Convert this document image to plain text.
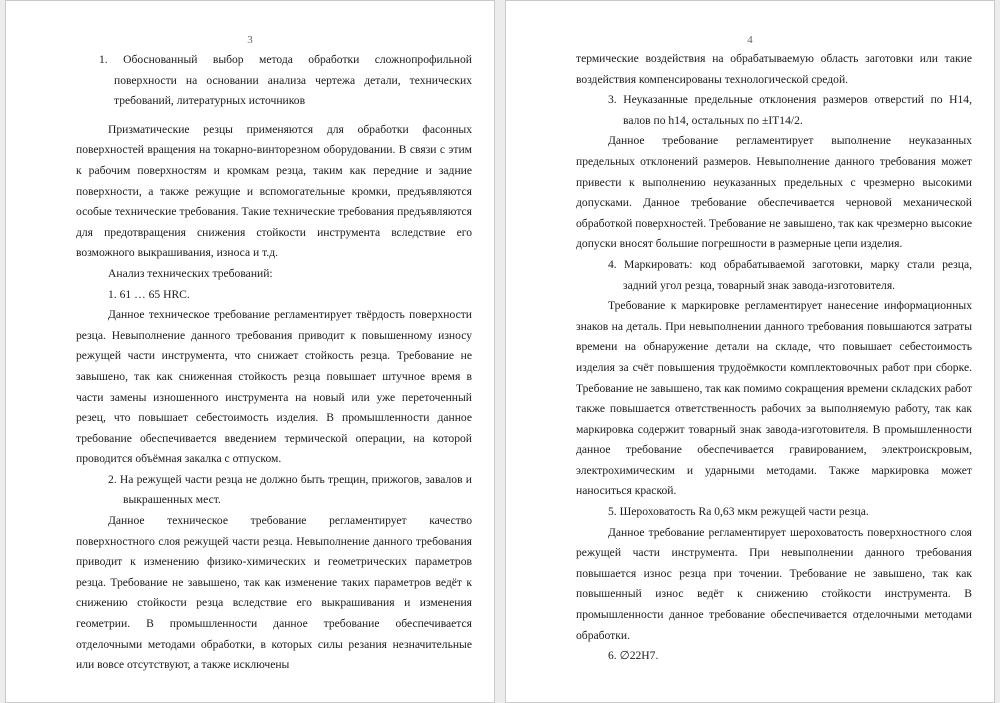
3

1. Обоснованный выбор метода обработки сложнопрофильной поверхности на основании анализа чертежа детали, технических требований, литературных источников

Призматические резцы применяются для обработки фасонных поверхностей вращения на токарно-винторезном оборудовании. В связи с этим к рабочим поверхностям и кромкам резца, таким как передние и задние поверхности, а также режущие и вспомогательные кромки, предъявляются особые технические требования. Такие технические требования предъявляются для предотвращения снижения стойкости инструмента вследствие его возможного выкрашивания, износа и т.д.

Анализ технических требований:

1. 61 … 65 HRC.

Данное техническое требование регламентирует твёрдость поверхности резца. Невыполнение данного требования приводит к повышенному износу режущей части инструмента, что снижает стойкость резца. Требование не завышено, так как сниженная стойкость резца повышает штучное время в части замены изношенного инструмента на новый или уже переточенный резец, что повышает себестоимость изделия. В промышленности данное требование обеспечивается введением термической операции, на которой проводится объёмная закалка с отпуском.

2. На режущей части резца не должно быть трещин, прижогов, завалов и выкрашенных мест.

Данное техническое требование регламентирует качество поверхностного слоя режущей части резца. Невыполнение данного требования приводит к изменению физико-химических и геометрических параметров резца. Требование не завышено, так как изменение таких параметров ведёт к снижению стойкости резца вследствие его выкрашивания и изменения геометрии. В промышленности данное требование обеспечивается отделочными методами обработки, в которых силы резания незначительные или вовсе отсутствуют, а также исключены

4

термические воздействия на обрабатываемую область заготовки или такие воздействия компенсированы технологической средой.

3. Неуказанные предельные отклонения размеров отверстий по H14, валов по h14, остальных по ±IT14/2.

Данное требование регламентирует выполнение неуказанных предельных отклонений размеров. Невыполнение данного требования может привести к выполнению неуказанных предельных с чрезмерно высокими допусками. Данное требование обеспечивается черновой механической обработкой поверхностей. Требование не завышено, так как чрезмерно высокие допуски вносят большие погрешности в размерные цепи изделия.

4. Маркировать: код обрабатываемой заготовки, марку стали резца, задний угол резца, товарный знак завода-изготовителя.

Требование к маркировке регламентирует нанесение информационных знаков на деталь. При невыполнении данного требования повышаются затраты времени на обнаружение детали на складе, что повышает себестоимость изделия за счёт повышения трудоёмкости комплектовочных работ при сборке. Требование не завышено, так как помимо сокращения времени складских работ также повышается ответственность рабочих за выполняемую работу, так как маркировка содержит товарный знак завода-изготовителя. В промышленности данное требование обеспечивается гравированием, электроискровым, электрохимическим и ударными методами. Также маркировка может наноситься краской.

5. Шероховатость Ra 0,63 мкм режущей части резца.

Данное требование регламентирует шероховатость поверхностного слоя режущей части инструмента. При невыполнении данного требования повышается износ резца при точении. Требование не завышено, так как повышенный износ ведёт к снижению стойкости инструмента. В промышленности данное требование обеспечивается отделочными методами обработки.

6. ∅22H7.
